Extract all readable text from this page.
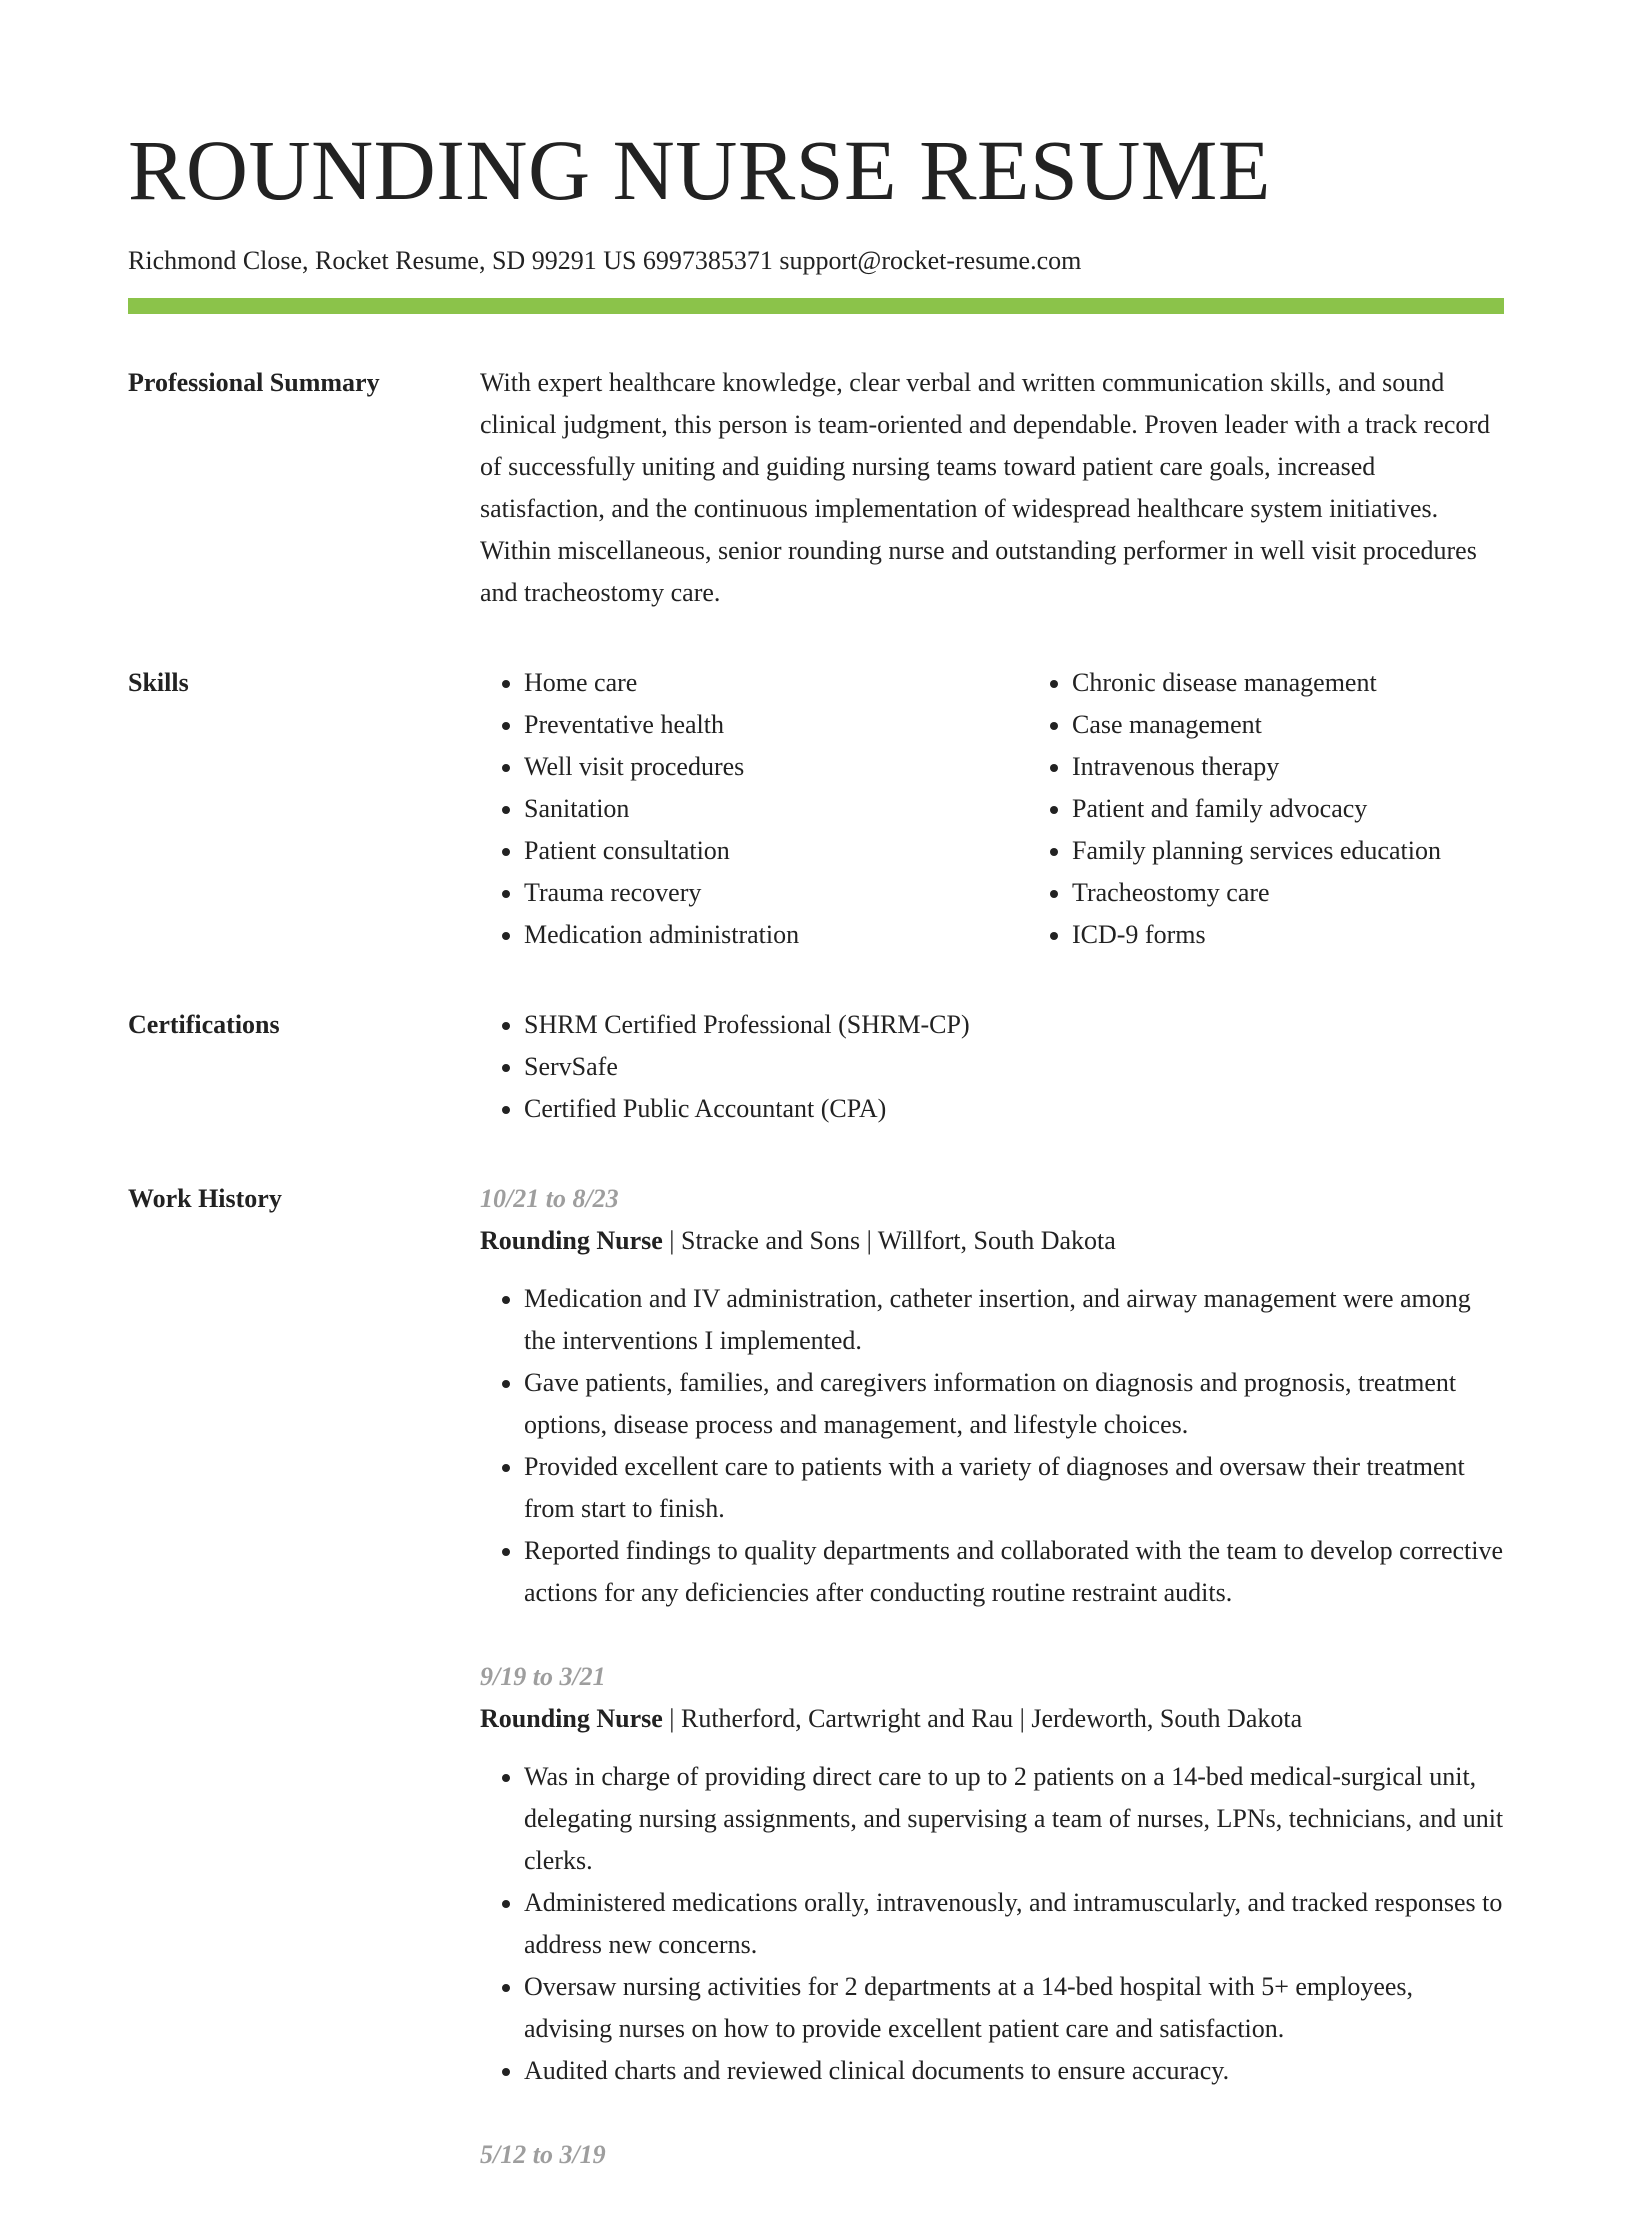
ROUNDING NURSE RESUME
Richmond Close, Rocket Resume, SD 99291 US 6997385371 support@rocket-resume.com
Professional Summary	With expert healthcare knowledge, clear verbal and written communication skills, and sound clinical judgment, this person is team-oriented and dependable. Proven leader with a track record of successfully uniting and guiding nursing teams toward patient care goals, increased satisfaction, and the continuous implementation of widespread healthcare system initiatives. Within miscellaneous, senior rounding nurse and outstanding performer in well visit procedures and tracheostomy care.

Skills	• Home care
• Preventative health
• Well visit procedures
• Sanitation
• Patient consultation
• Trauma recovery
• Medication administration
• Chronic disease management
• Case management
• Intravenous therapy
• Patient and family advocacy
• Family planning services education
• Tracheostomy care
• ICD-9 forms
Certifications	• SHRM Certified Professional (SHRM-CP)
• ServSafe
• Certified Public Accountant (CPA)
Work History	10/21 to 8/23
Rounding Nurse | Stracke and Sons | Willfort, South Dakota
• Medication and IV administration, catheter insertion, and airway management were among the interventions I implemented.
• Gave patients, families, and caregivers information on diagnosis and prognosis, treatment options, disease process and management, and lifestyle choices.
• Provided excellent care to patients with a variety of diagnoses and oversaw their treatment from start to finish.
• Reported findings to quality departments and collaborated with the team to develop corrective actions for any deficiencies after conducting routine restraint audits.
9/19 to 3/21
Rounding Nurse | Rutherford, Cartwright and Rau | Jerdeworth, South Dakota
• Was in charge of providing direct care to up to 2 patients on a 14-bed medical-surgical unit, delegating nursing assignments, and supervising a team of nurses, LPNs, technicians, and unit clerks.
• Administered medications orally, intravenously, and intramuscularly, and tracked responses to address new concerns.
• Oversaw nursing activities for 2 departments at a 14-bed hospital with 5+ employees, advising nurses on how to provide excellent patient care and satisfaction.
• Audited charts and reviewed clinical documents to ensure accuracy.
5/12 to 3/19
